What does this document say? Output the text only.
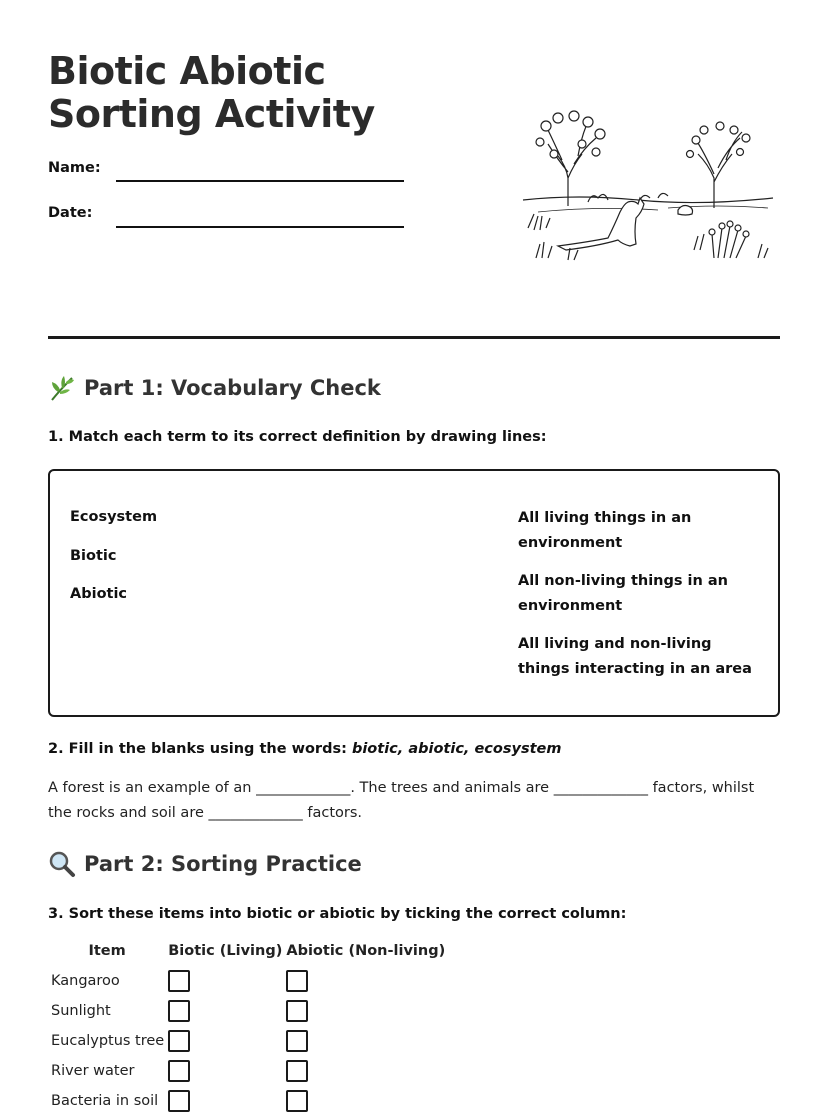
Biotic Abiotic Sorting Activity
Name:
Date:
Part 1: Vocabulary Check
1. Match each term to its correct definition by drawing lines:
Ecosystem
Biotic
Abiotic
All living things in an environment
All non-living things in an environment
All living and non-living things interacting in an area
2. Fill in the blanks using the words: biotic, abiotic, ecosystem
A forest is an example of an _____________. The trees and animals are _____________ factors, whilst the rocks and soil are _____________ factors.
Part 2: Sorting Practice
3. Sort these items into biotic or abiotic by ticking the correct column:
Item	Biotic (Living)	Abiotic (Non-living)
Kangaroo		
Sunlight		
Eucalyptus tree		
River water		
Bacteria in soil		
